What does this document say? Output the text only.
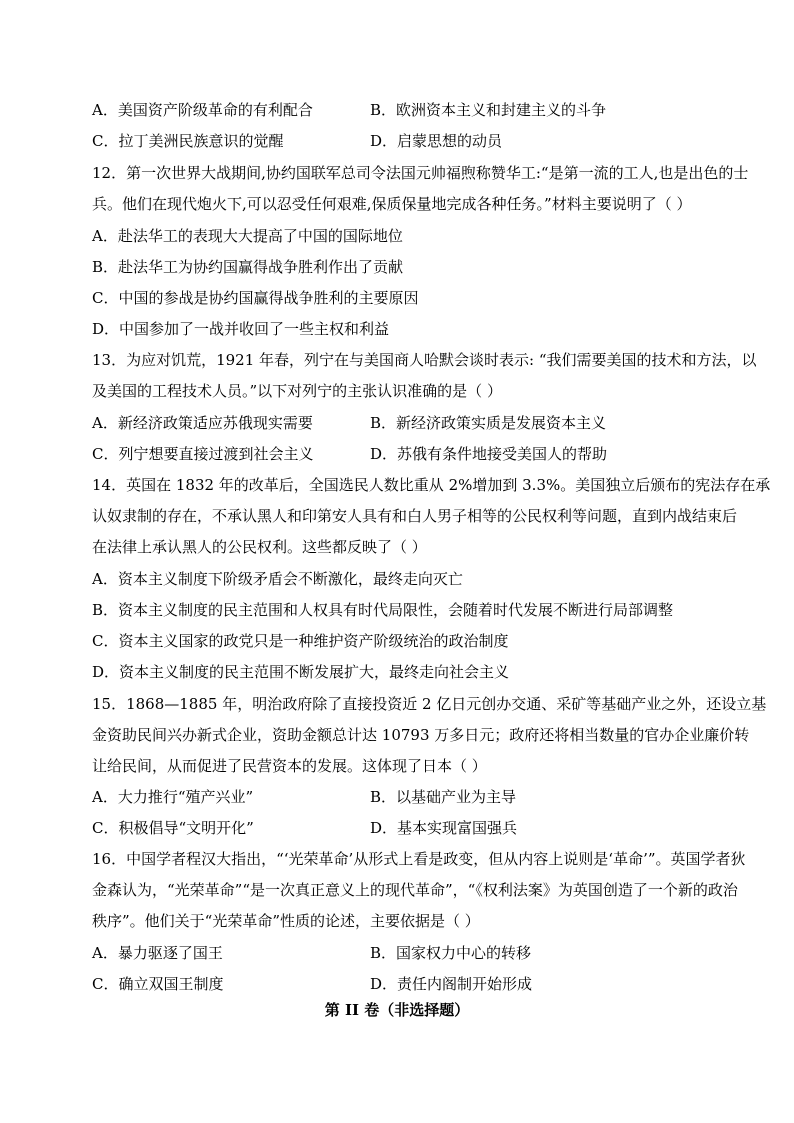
A．美国资产阶级革命的有利配合	B．欧洲资本主义和封建主义的斗争
C．拉丁美洲民族意识的觉醒	D．启蒙思想的动员
12．第一次世界大战期间,协约国联军总司令法国元帅福煦称赞华工:“是第一流的工人,也是出色的士
兵。他们在现代炮火下,可以忍受任何艰难,保质保量地完成各种任务。”材料主要说明了（ ）
A．赴法华工的表现大大提高了中国的国际地位
B．赴法华工为协约国赢得战争胜利作出了贡献
C．中国的参战是协约国赢得战争胜利的主要原因
D．中国参加了一战并收回了一些主权和利益
13．为应对饥荒，1921 年春，列宁在与美国商人哈默会谈时表示: “我们需要美国的技术和方法，以
及美国的工程技术人员。”以下对列宁的主张认识准确的是（ ）
A．新经济政策适应苏俄现实需要	B．新经济政策实质是发展资本主义
C．列宁想要直接过渡到社会主义	D．苏俄有条件地接受美国人的帮助
14．英国在 1832 年的改革后，全国选民人数比重从 2%增加到 3.3%。美国独立后颁布的宪法存在承
认奴隶制的存在，不承认黑人和印第安人具有和白人男子相等的公民权利等问题，直到内战结束后
在法律上承认黑人的公民权利。这些都反映了（ ）
A．资本主义制度下阶级矛盾会不断激化，最终走向灭亡
B．资本主义制度的民主范围和人权具有时代局限性，会随着时代发展不断进行局部调整
C．资本主义国家的政党只是一种维护资产阶级统治的政治制度
D．资本主义制度的民主范围不断发展扩大，最终走向社会主义
15．1868—1885 年，明治政府除了直接投资近 2 亿日元创办交通、采矿等基础产业之外，还设立基
金资助民间兴办新式企业，资助金额总计达 10793 万多日元；政府还将相当数量的官办企业廉价转
让给民间，从而促进了民营资本的发展。这体现了日本（ ）
A．大力推行“殖产兴业”	B．以基础产业为主导
C．积极倡导“文明开化”	D．基本实现富国强兵
16．中国学者程汉大指出，“‘光荣革命’从形式上看是政变，但从内容上说则是‘革命’”。英国学者狄
金森认为，“光荣革命”“是一次真正意义上的现代革命”，“《权利法案》为英国创造了一个新的政治
秩序”。他们关于“光荣革命”性质的论述，主要依据是（ ）
A．暴力驱逐了国王	B．国家权力中心的转移
C．确立双国王制度	D．责任内阁制开始形成
第 II 卷（非选择题）
